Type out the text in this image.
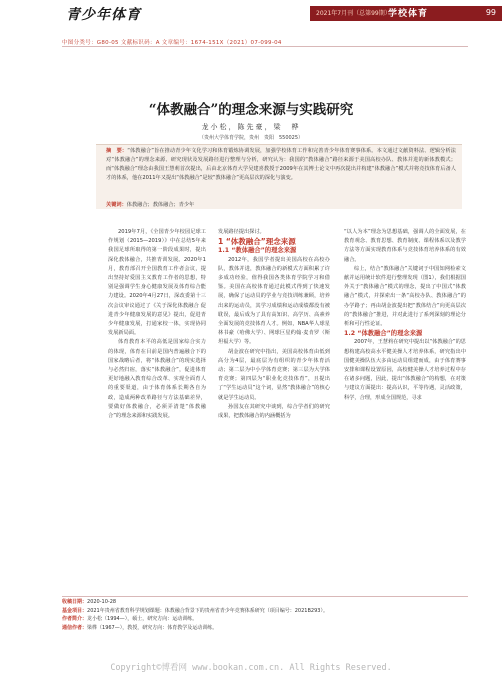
青少年体育	2021年7月刊（总第99期）
学校体育	99
中图分类号：G80-05 文献标识码：A 文章编号：1674-151X（2021）07-099-04
“体教融合”的理念来源与实践研究
龙小松，陈先豪，梁　桦
（贵州大学体育学院，贵州　贵阳　550025）
摘　要：“体教融合”旨在推动青少年文化学习和体育锻炼协调发展，加强学校体育工作和完善青少年体育赛事体系。本文通过文献资料法、逻辑分析法对“体教融合”的理念来源、研究现状及发展路径进行整理与分析，研究认为：我国的“教体融合”路径来源于美国高校办队、教体并进的新体教模式；而“体教融合”理念由我国王慧莉首次提出，后由北京体育大学吴建喜教授于2009年在其博士论文中再次提出并构建“体教融合”模式并将竞技体育后备人才的体系，他在2011年又提出“体教融合”是较“教体融合”更高层次的深化与演变。
关键词：体教融合；教体融合；青少年

2019年7月，《全国青少年校园足球工作规划（2015—2019）》中在总结5年来我国足球所取得的第一阶段成果时，提出深化教体融合，共推青训发展。2020年1月，教育部召开全国教育工作者会议，提出坚持好爱国主义教育工作者的思想，特别是强调学生身心健康发展及体育综合能力建设。2020年4月27日，深改委第十三次会议审议通过了《关于深化体教融合 促进青少年健康发展的意见》提出，促进青少年健康发展，打通家校一体，实现协同发展新局面。

体育教育本平的高低是国家综合实力的体现，体育在目前是国内普遍融合下的国家战略后者，将“体教融合”的现实选择与必然归宿，落实“体教融合”，促进体育更好地融入教育综合改革、实现全面育人的重要渠道，由于体育体系长期各自为政，造成两种改革路径与方法基础差异，要做好体教融合，必须弄清楚“体教融合”的理念来源和实践发展。

发展路径提出探讨。

1 “体教融合”理念来源

1.1 “教体融合”的理念来源

2012年，我国学者提出美国高校在高校办队，教体并进，教体融合的新模式方面积累了许多成功经验，值得我国各类体育学院学习和借鉴。美国在高校体育通过此模式得到了快速发展，确保了运动员的学业与竞技训练兼顾，培养出来的运动员，其学习成绩和运动成绩都没有被耽误，最后成为了具有高知识、高学历、高素养全面发展的竞技体育人才。例如，NBA华人球星林书豪（哈佛大学）、网球巨星约翰·麦肯罗（斯坦福大学）等。

胡金波在研究中指出，美国高校体育由低到高分为4层，最底层为有组织的青少年体育活动；第二层为中小学体育竞赛；第三层为大学体育竞赛；第四层为“职业化竞技体育”，且提出了“学生运动员”这个词，显然“教体融合”的核心就是学生运动员。

孙国友在其研究中谈到，综合学者们的研究成果，把教体融合的内涵概括为

“以人为本”理念为思想基础，强调人的全面发展，在教育观念、教育思想、教育制度、课程体系以及教学方法等方面实现教育体系与竞技体育培养体系的有效融合。

综上，结合“教体融合”关键词于中国知网检索文献并运用统计软件进行整理发现（图1），我们根据国外关于“教体融合”模式的理念，提出了中国式“体教融合”模式，并探索出一条“高校办队、教体融合”的办学路子；再由胡金波提出把“教体结合”向更高层次的“教体融合”推进，并对此进行了系列深刻的理论分析和可行性论证。

1.2 “体教融合”的理念来源

2007年，王慧莉在研究中提出以“体教融合”的思想构建高校高水平健美操人才培养体系，研究指出中国健美操队伍大多由运动员组建而成，由于体育赛事安排和课程设置原因，高校健美操人才培养过程中存在诸多问题，因此，提出“体教融合”的构想，在对策与建议方面提出：提高认识，平等待遇，灵活政策，科学，合理，形成全国规范，寻求

收稿日期：2020-10-28
基金项目：2021年贵州省教育科学规划课题：体教融合背景下的贵州省青少年竞赛体系研究（项目编号：2021B293）。
作者简介：龙小松（1994—），硕士，研究方向：运动训练。
通信作者：梁桦（1967—），教授，研究方向：体育教学及运动训练。
Copyright©博看网 www.bookan.com.cn. All Rights Reserved.
